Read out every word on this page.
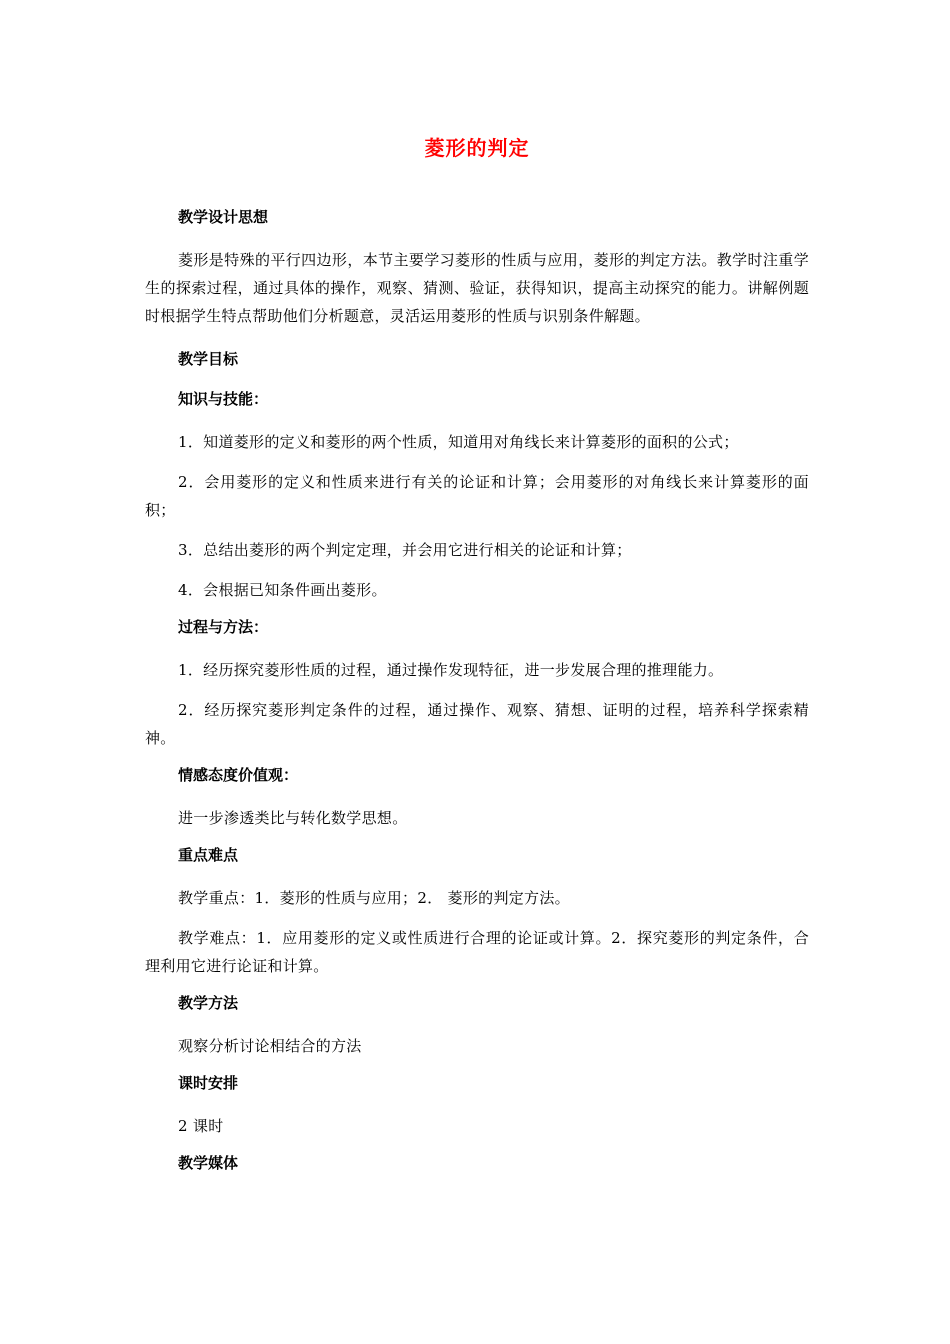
菱形的判定
教学设计思想

菱形是特殊的平行四边形，本节主要学习菱形的性质与应用，菱形的判定方法。教学时注重学生的探索过程，通过具体的操作，观察、猜测、验证，获得知识，提高主动探究的能力。讲解例题时根据学生特点帮助他们分析题意，灵活运用菱形的性质与识别条件解题。

教学目标
知识与技能：

1．知道菱形的定义和菱形的两个性质，知道用对角线长来计算菱形的面积的公式；

2．会用菱形的定义和性质来进行有关的论证和计算；会用菱形的对角线长来计算菱形的面积；

3．总结出菱形的两个判定定理，并会用它进行相关的论证和计算；

4．会根据已知条件画出菱形。

过程与方法：

1．经历探究菱形性质的过程，通过操作发现特征，进一步发展合理的推理能力。

2．经历探究菱形判定条件的过程，通过操作、观察、猜想、证明的过程，培养科学探索精神。

情感态度价值观：

进一步渗透类比与转化数学思想。

重点难点

教学重点：1．菱形的性质与应用；2． 菱形的判定方法。

教学难点：1．应用菱形的定义或性质进行合理的论证或计算。2．探究菱形的判定条件，合理利用它进行论证和计算。

教学方法

观察分析讨论相结合的方法

课时安排

2 课时

教学媒体
